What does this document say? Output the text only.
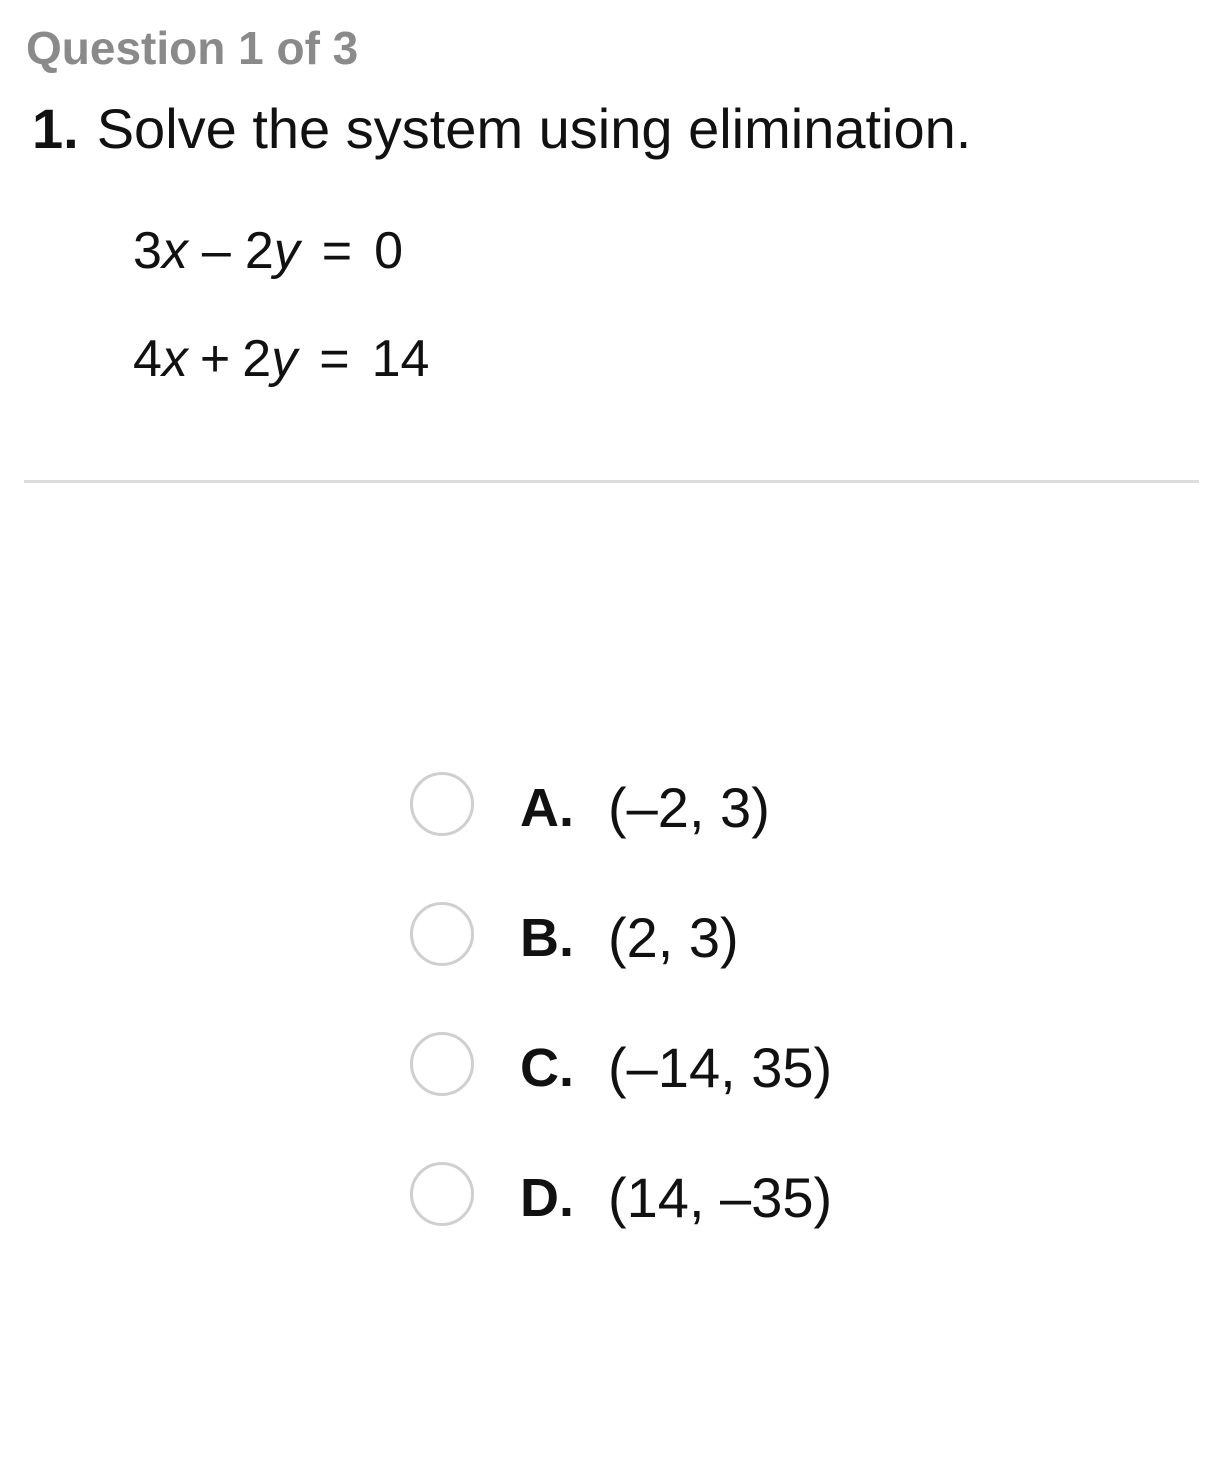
Question 1 of 3
1. Solve the system using elimination.
3x – 2y = 0
4x + 2y = 14
A. (–2, 3)
B. (2, 3)
C. (–14, 35)
D. (14, –35)
